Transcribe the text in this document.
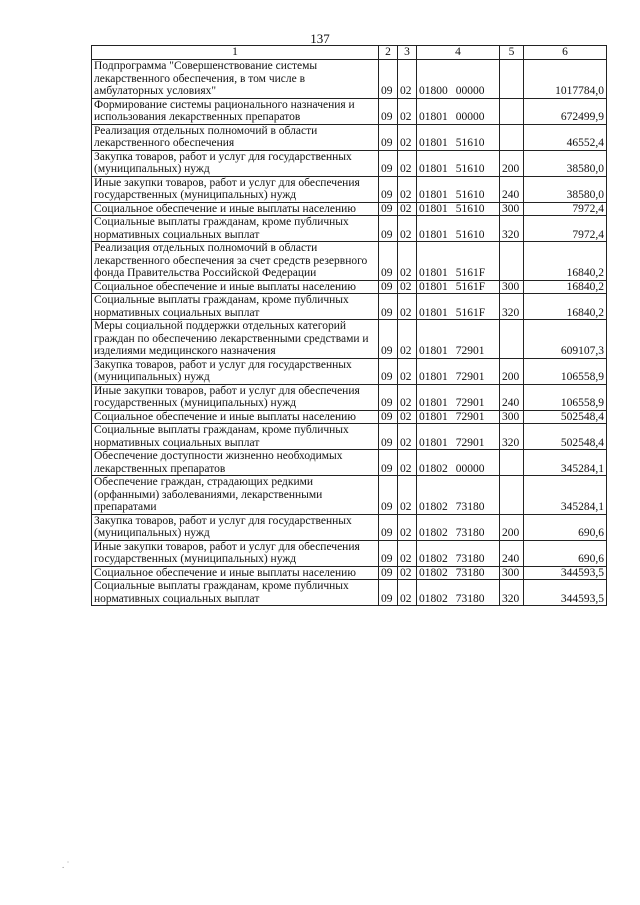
137
1	2	3	4	5	6
Подпрограмма "Совершенствование системы лекарственного обеспечения, в том числе в амбулаторных условиях"	09	02	01800 00000		1017784,0
Формирование системы рационального назначения и использования лекарственных препаратов	09	02	01801 00000		672499,9
Реализация отдельных полномочий в области лекарственного обеспечения	09	02	01801 51610		46552,4
Закупка товаров, работ и услуг для государственных (муниципальных) нужд	09	02	01801 51610	200	38580,0
Иные закупки товаров, работ и услуг для обеспечения государственных (муниципальных) нужд	09	02	01801 51610	240	38580,0
Социальное обеспечение и иные выплаты населению	09	02	01801 51610	300	7972,4
Социальные выплаты гражданам, кроме публичных нормативных социальных выплат	09	02	01801 51610	320	7972,4
Реализация отдельных полномочий в области лекарственного обеспечения за счет средств резервного фонда Правительства Российской Федерации	09	02	01801 5161F		16840,2
Социальное обеспечение и иные выплаты населению	09	02	01801 5161F	300	16840,2
Социальные выплаты гражданам, кроме публичных нормативных социальных выплат	09	02	01801 5161F	320	16840,2
Меры социальной поддержки отдельных категорий граждан по обеспечению лекарственными средствами и изделиями медицинского назначения	09	02	01801 72901		609107,3
Закупка товаров, работ и услуг для государственных (муниципальных) нужд	09	02	01801 72901	200	106558,9
Иные закупки товаров, работ и услуг для обеспечения государственных (муниципальных) нужд	09	02	01801 72901	240	106558,9
Социальное обеспечение и иные выплаты населению	09	02	01801 72901	300	502548,4
Социальные выплаты гражданам, кроме публичных нормативных социальных выплат	09	02	01801 72901	320	502548,4
Обеспечение доступности жизненно необходимых лекарственных препаратов	09	02	01802 00000		345284,1
Обеспечение граждан, страдающих редкими (орфанными) заболеваниями, лекарственными препаратами	09	02	01802 73180		345284,1
Закупка товаров, работ и услуг для государственных (муниципальных) нужд	09	02	01802 73180	200	690,6
Иные закупки товаров, работ и услуг для обеспечения государственных (муниципальных) нужд	09	02	01802 73180	240	690,6
Социальное обеспечение и иные выплаты населению	09	02	01802 73180	300	344593,5
Социальные выплаты гражданам, кроме публичных нормативных социальных выплат	09	02	01802 73180	320	344593,5
. ˙
